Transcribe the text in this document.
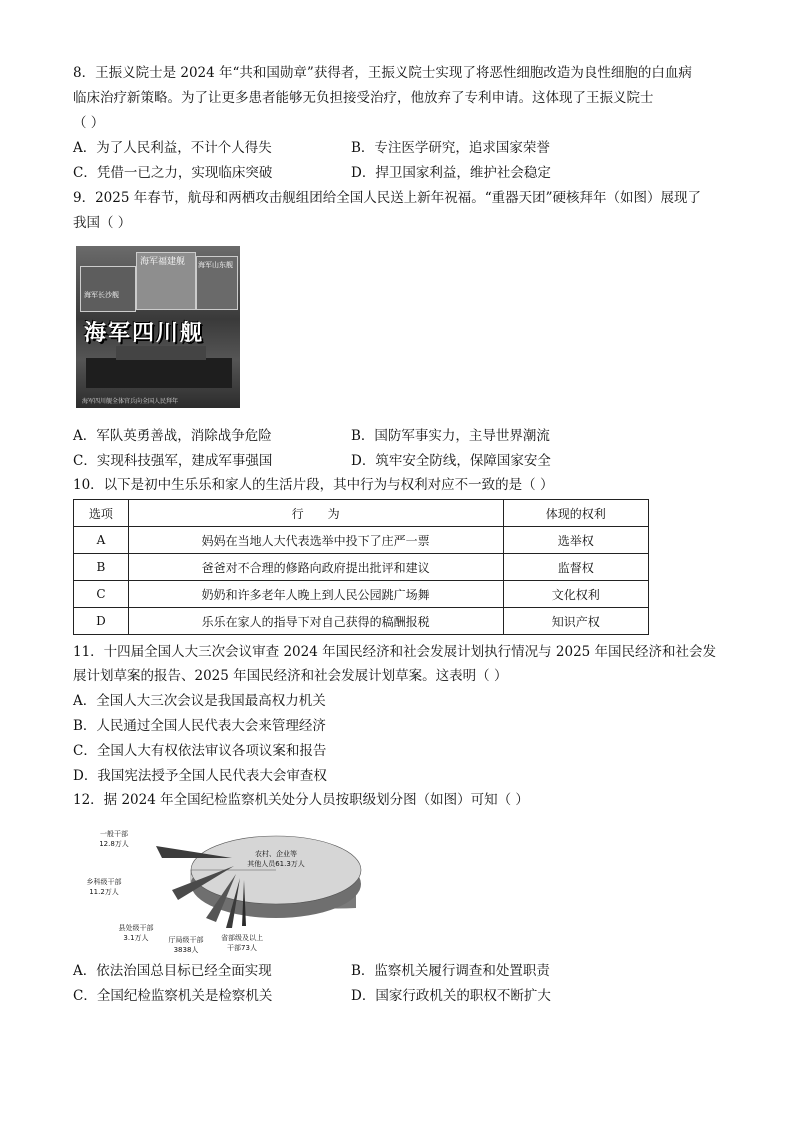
8．王振义院士是 2024 年“共和国勋章”获得者，王振义院士实现了将恶性细胞改造为良性细胞的白血病
临床治疗新策略。为了让更多患者能够无负担接受治疗，他放弃了专利申请。这体现了王振义院士
（ ）
A．为了人民利益，不计个人得失	B．专注医学研究，追求国家荣誉
C．凭借一已之力，实现临床突破	D．捍卫国家利益，维护社会稳定
9．2025 年春节，航母和两栖攻击舰组团给全国人民送上新年祝福。“重器天团”硬核拜年（如图）展现了
我国（ ）
海军福建舰 海军山东舰
海军长沙舰
海军四川舰
海军四川舰全体官兵向全国人民拜年
A．军队英勇善战，消除战争危险	B．国防军事实力，主导世界潮流
C．实现科技强军，建成军事强国	D．筑牢安全防线，保障国家安全
10．以下是初中生乐乐和家人的生活片段，其中行为与权利对应不一致的是（ ）
选项	行　　为	体现的权利
A	妈妈在当地人大代表选举中投下了庄严一票	选举权
B	爸爸对不合理的修路向政府提出批评和建议	监督权
C	奶奶和许多老年人晚上到人民公园跳广场舞	文化权利
D	乐乐在家人的指导下对自己获得的稿酬报税	知识产权
11．十四届全国人大三次会议审查 2024 年国民经济和社会发展计划执行情况与 2025 年国民经济和社会发
展计划草案的报告、2025 年国民经济和社会发展计划草案。这表明（ ）
A．全国人大三次会议是我国最高权力机关
B．人民通过全国人民代表大会来管理经济
C．全国人大有权依法审议各项议案和报告
D．我国宪法授予全国人民代表大会审查权
12．据 2024 年全国纪检监察机关处分人员按职级划分图（如图）可知（ ）
农村、企业等
其他人员61.3万人
一般干部
12.8万人
乡科级干部
11.2万人
县处级干部
3.1万人	厅局级干部
3838人
省部级及以上
干部73人
A．依法治国总目标已经全面实现	B．监察机关履行调查和处置职责
C．全国纪检监察机关是检察机关	D．国家行政机关的职权不断扩大
